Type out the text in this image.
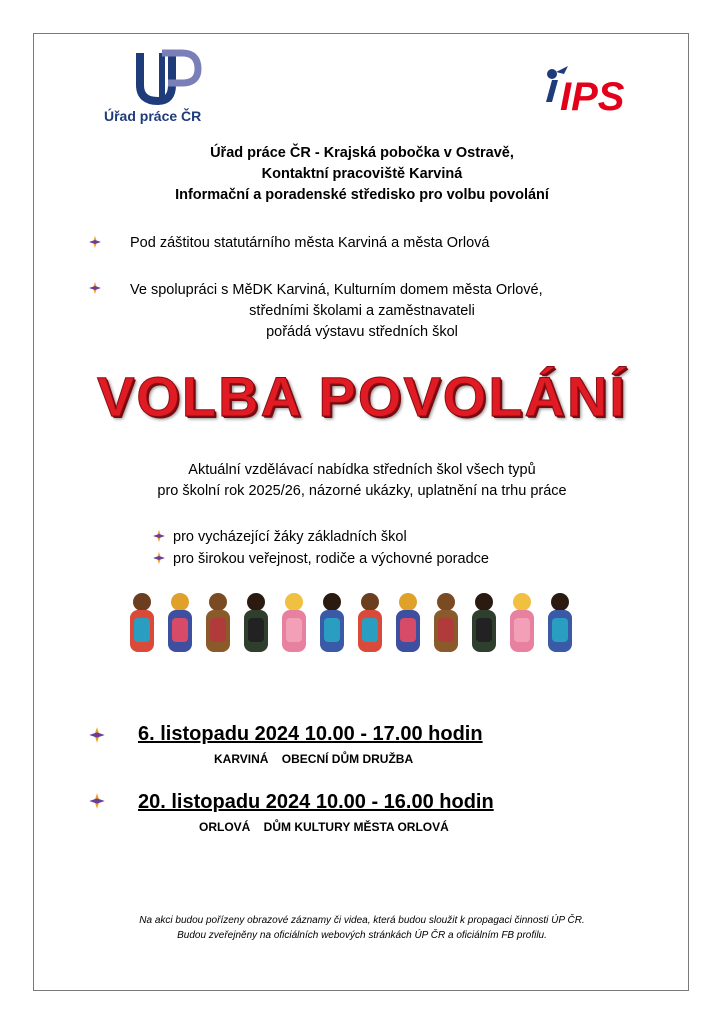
Úřad práce ČR	IPS
Úřad práce ČR - Krajská pobočka v Ostravě,
Kontaktní pracoviště Karviná
Informační a poradenské středisko pro volbu povolání
Pod záštitou statutárního města Karviná a města Orlová
Ve spolupráci s MěDK Karviná, Kulturním domem města Orlové,
středními školami a zaměstnavateli
pořádá výstavu středních škol
VOLBA POVOLÁNÍ
Aktuální vzdělávací nabídka středních škol všech typů
pro školní rok 2025/26, názorné ukázky, uplatnění na trhu práce
pro vycházející žáky základních škol
pro širokou veřejnost, rodiče a výchovné poradce
6. listopadu 2024 10.00 - 17.00 hodin
KARVINÁ    OBECNÍ DŮM DRUŽBA
20. listopadu 2024 10.00 - 16.00 hodin
ORLOVÁ    DŮM KULTURY MĚSTA ORLOVÁ
Na akci budou pořízeny obrazové záznamy či videa, která budou sloužit k propagaci činnosti ÚP ČR.
Budou zveřejněny na oficiálních webových stránkách ÚP ČR a oficiálním FB profilu.
